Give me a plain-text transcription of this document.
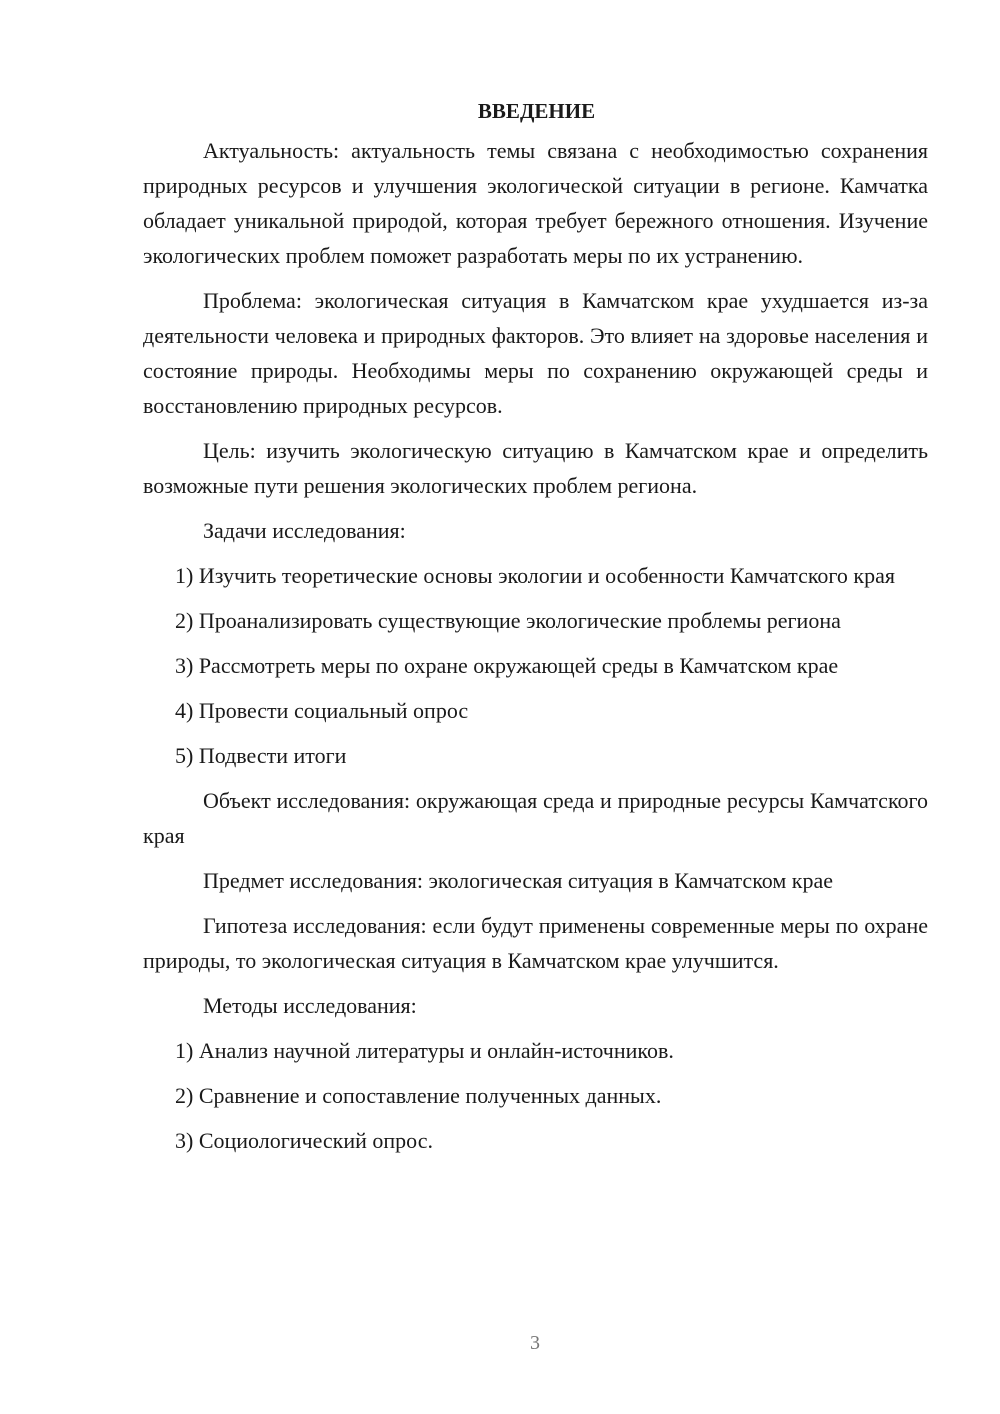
ВВЕДЕНИЕ

Актуальность: актуальность темы связана с необходимостью сохранения природных ресурсов и улучшения экологической ситуации в регионе. Камчатка обладает уникальной природой, которая требует бережного отношения. Изучение экологических проблем поможет разработать меры по их устранению.

Проблема: экологическая ситуация в Камчатском крае ухудшается из-за деятельности человека и природных факторов. Это влияет на здоровье населения и состояние природы. Необходимы меры по сохранению окружающей среды и восстановлению природных ресурсов.

Цель: изучить экологическую ситуацию в Камчатском крае и определить возможные пути решения экологических проблем региона.

Задачи исследования:

1) Изучить теоретические основы экологии и особенности Камчатского края

2) Проанализировать существующие экологические проблемы региона

3) Рассмотреть меры по охране окружающей среды в Камчатском крае

4) Провести социальный опрос

5) Подвести итоги

Объект исследования: окружающая среда и природные ресурсы Камчатского края

Предмет исследования: экологическая ситуация в Камчатском крае

Гипотеза исследования: если будут применены современные меры по охране природы, то экологическая ситуация в Камчатском крае улучшится.

Методы исследования:

1) Анализ научной литературы и онлайн-источников.

2) Сравнение и сопоставление полученных данных.

3) Социологический опрос.

3
